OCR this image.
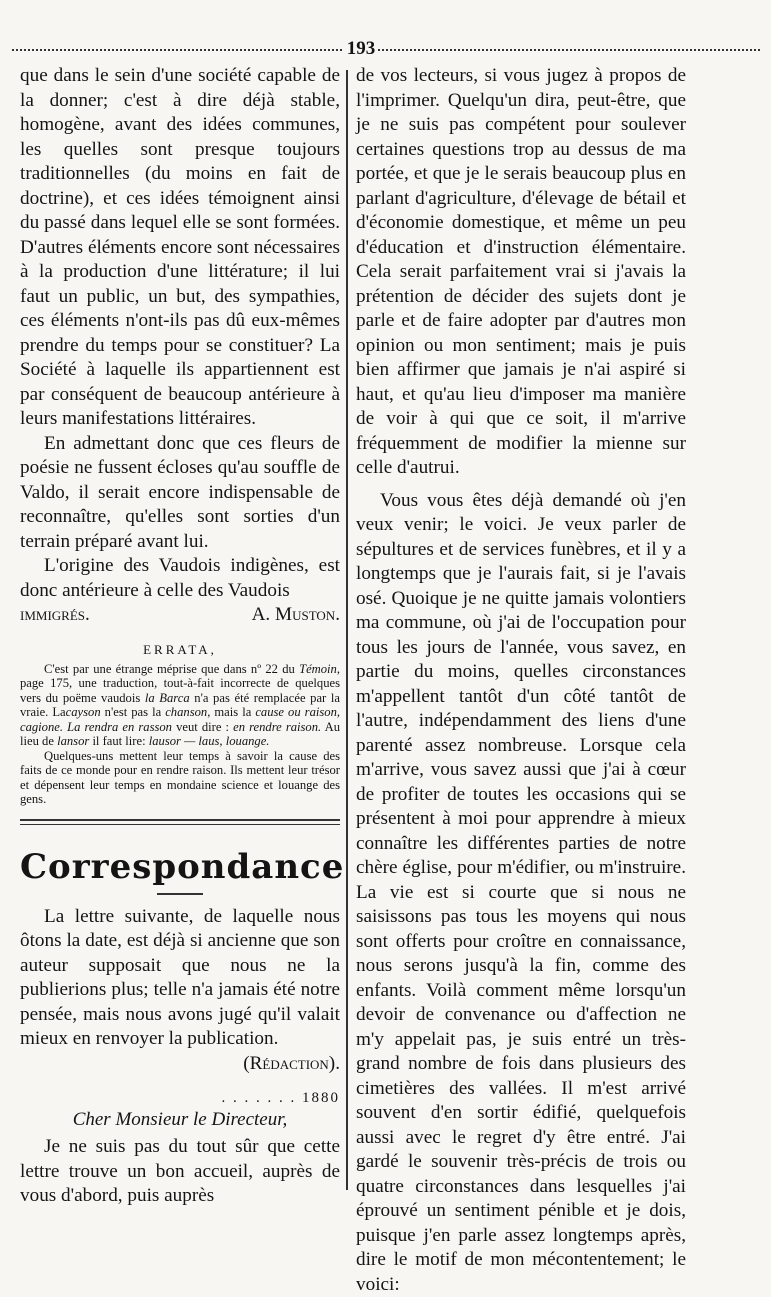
193

que dans le sein d'une société capable de la donner; c'est à dire déjà stable, homogène, avant des idées communes, les quelles sont presque toujours traditionnelles (du moins en fait de doctrine), et ces idées témoignent ainsi du passé dans lequel elle se sont formées. D'autres éléments encore sont nécessaires à la production d'une littérature; il lui faut un public, un but, des sympathies, ces éléments n'ont-ils pas dû eux-mêmes prendre du temps pour se constituer? La Société à laquelle ils appartiennent est par conséquent de beaucoup antérieure à leurs manifestations littéraires.

En admettant donc que ces fleurs de poésie ne fussent écloses qu'au souffle de Valdo, il serait encore indispensable de reconnaître, qu'elles sont sorties d'un terrain préparé avant lui.

L'origine des Vaudois indigènes, est donc antérieure à celle des Vaudois

immigrés.	A. Muston.
ERRATA,

C'est par une étrange méprise que dans nº 22 du Témoin, page 175, une traduction, tout-à-fait incorrecte de quelques vers du poëme vaudois la Barca n'a pas été remplacée par la vraie. Lacayson n'est pas la chanson, mais la cause ou raison, cagione. La rendra en rasson veut dire : en rendre raison. Au lieu de lansor il faut lire: lausor — laus, louange.

Quelques-uns mettent leur temps à savoir la cause des faits de ce monde pour en rendre raison. Ils mettent leur trésor et dépensent leur temps en mondaine science et louange des gens.

Correspondance

La lettre suivante, de laquelle nous ôtons la date, est déjà si ancienne que son auteur supposait que nous ne la publierions plus; telle n'a jamais été notre pensée, mais nous avons jugé qu'il valait mieux en renvoyer la publication.

(Rédaction).
. . . . . . . 1880
Cher Monsieur le Directeur,

Je ne suis pas du tout sûr que cette lettre trouve un bon accueil, auprès de vous d'abord, puis auprès

de vos lecteurs, si vous jugez à propos de l'imprimer. Quelqu'un dira, peut-être, que je ne suis pas compétent pour soulever certaines questions trop au dessus de ma portée, et que je le serais beaucoup plus en parlant d'agriculture, d'élevage de bétail et d'économie domestique, et même un peu d'éducation et d'instruction élémentaire. Cela serait parfaitement vrai si j'avais la prétention de décider des sujets dont je parle et de faire adopter par d'autres mon opinion ou mon sentiment; mais je puis bien affirmer que jamais je n'ai aspiré si haut, et qu'au lieu d'imposer ma manière de voir à qui que ce soit, il m'arrive fréquemment de modifier la mienne sur celle d'autrui.

Vous vous êtes déjà demandé où j'en veux venir; le voici. Je veux parler de sépultures et de services funèbres, et il y a longtemps que je l'aurais fait, si je l'avais osé. Quoique je ne quitte jamais volontiers ma commune, où j'ai de l'occupation pour tous les jours de l'année, vous savez, en partie du moins, quelles circonstances m'appellent tantôt d'un côté tantôt de l'autre, indépendamment des liens d'une parenté assez nombreuse. Lorsque cela m'arrive, vous savez aussi que j'ai à cœur de profiter de toutes les occasions qui se présentent à moi pour apprendre à mieux connaître les différentes parties de notre chère église, pour m'édifier, ou m'instruire. La vie est si courte que si nous ne saisissons pas tous les moyens qui nous sont offerts pour croître en connaissance, nous serons jusqu'à la fin, comme des enfants. Voilà comment même lorsqu'un devoir de convenance ou d'affection ne m'y appelait pas, je suis entré un très-grand nombre de fois dans plusieurs des cimetières des vallées. Il m'est arrivé souvent d'en sortir édifié, quelquefois aussi avec le regret d'y être entré. J'ai gardé le souvenir très-précis de trois ou quatre circonstances dans lesquelles j'ai éprouvé un sentiment pénible et je dois, puisque j'en parle assez longtemps après, dire le motif de mon mécontentement; le voici:
